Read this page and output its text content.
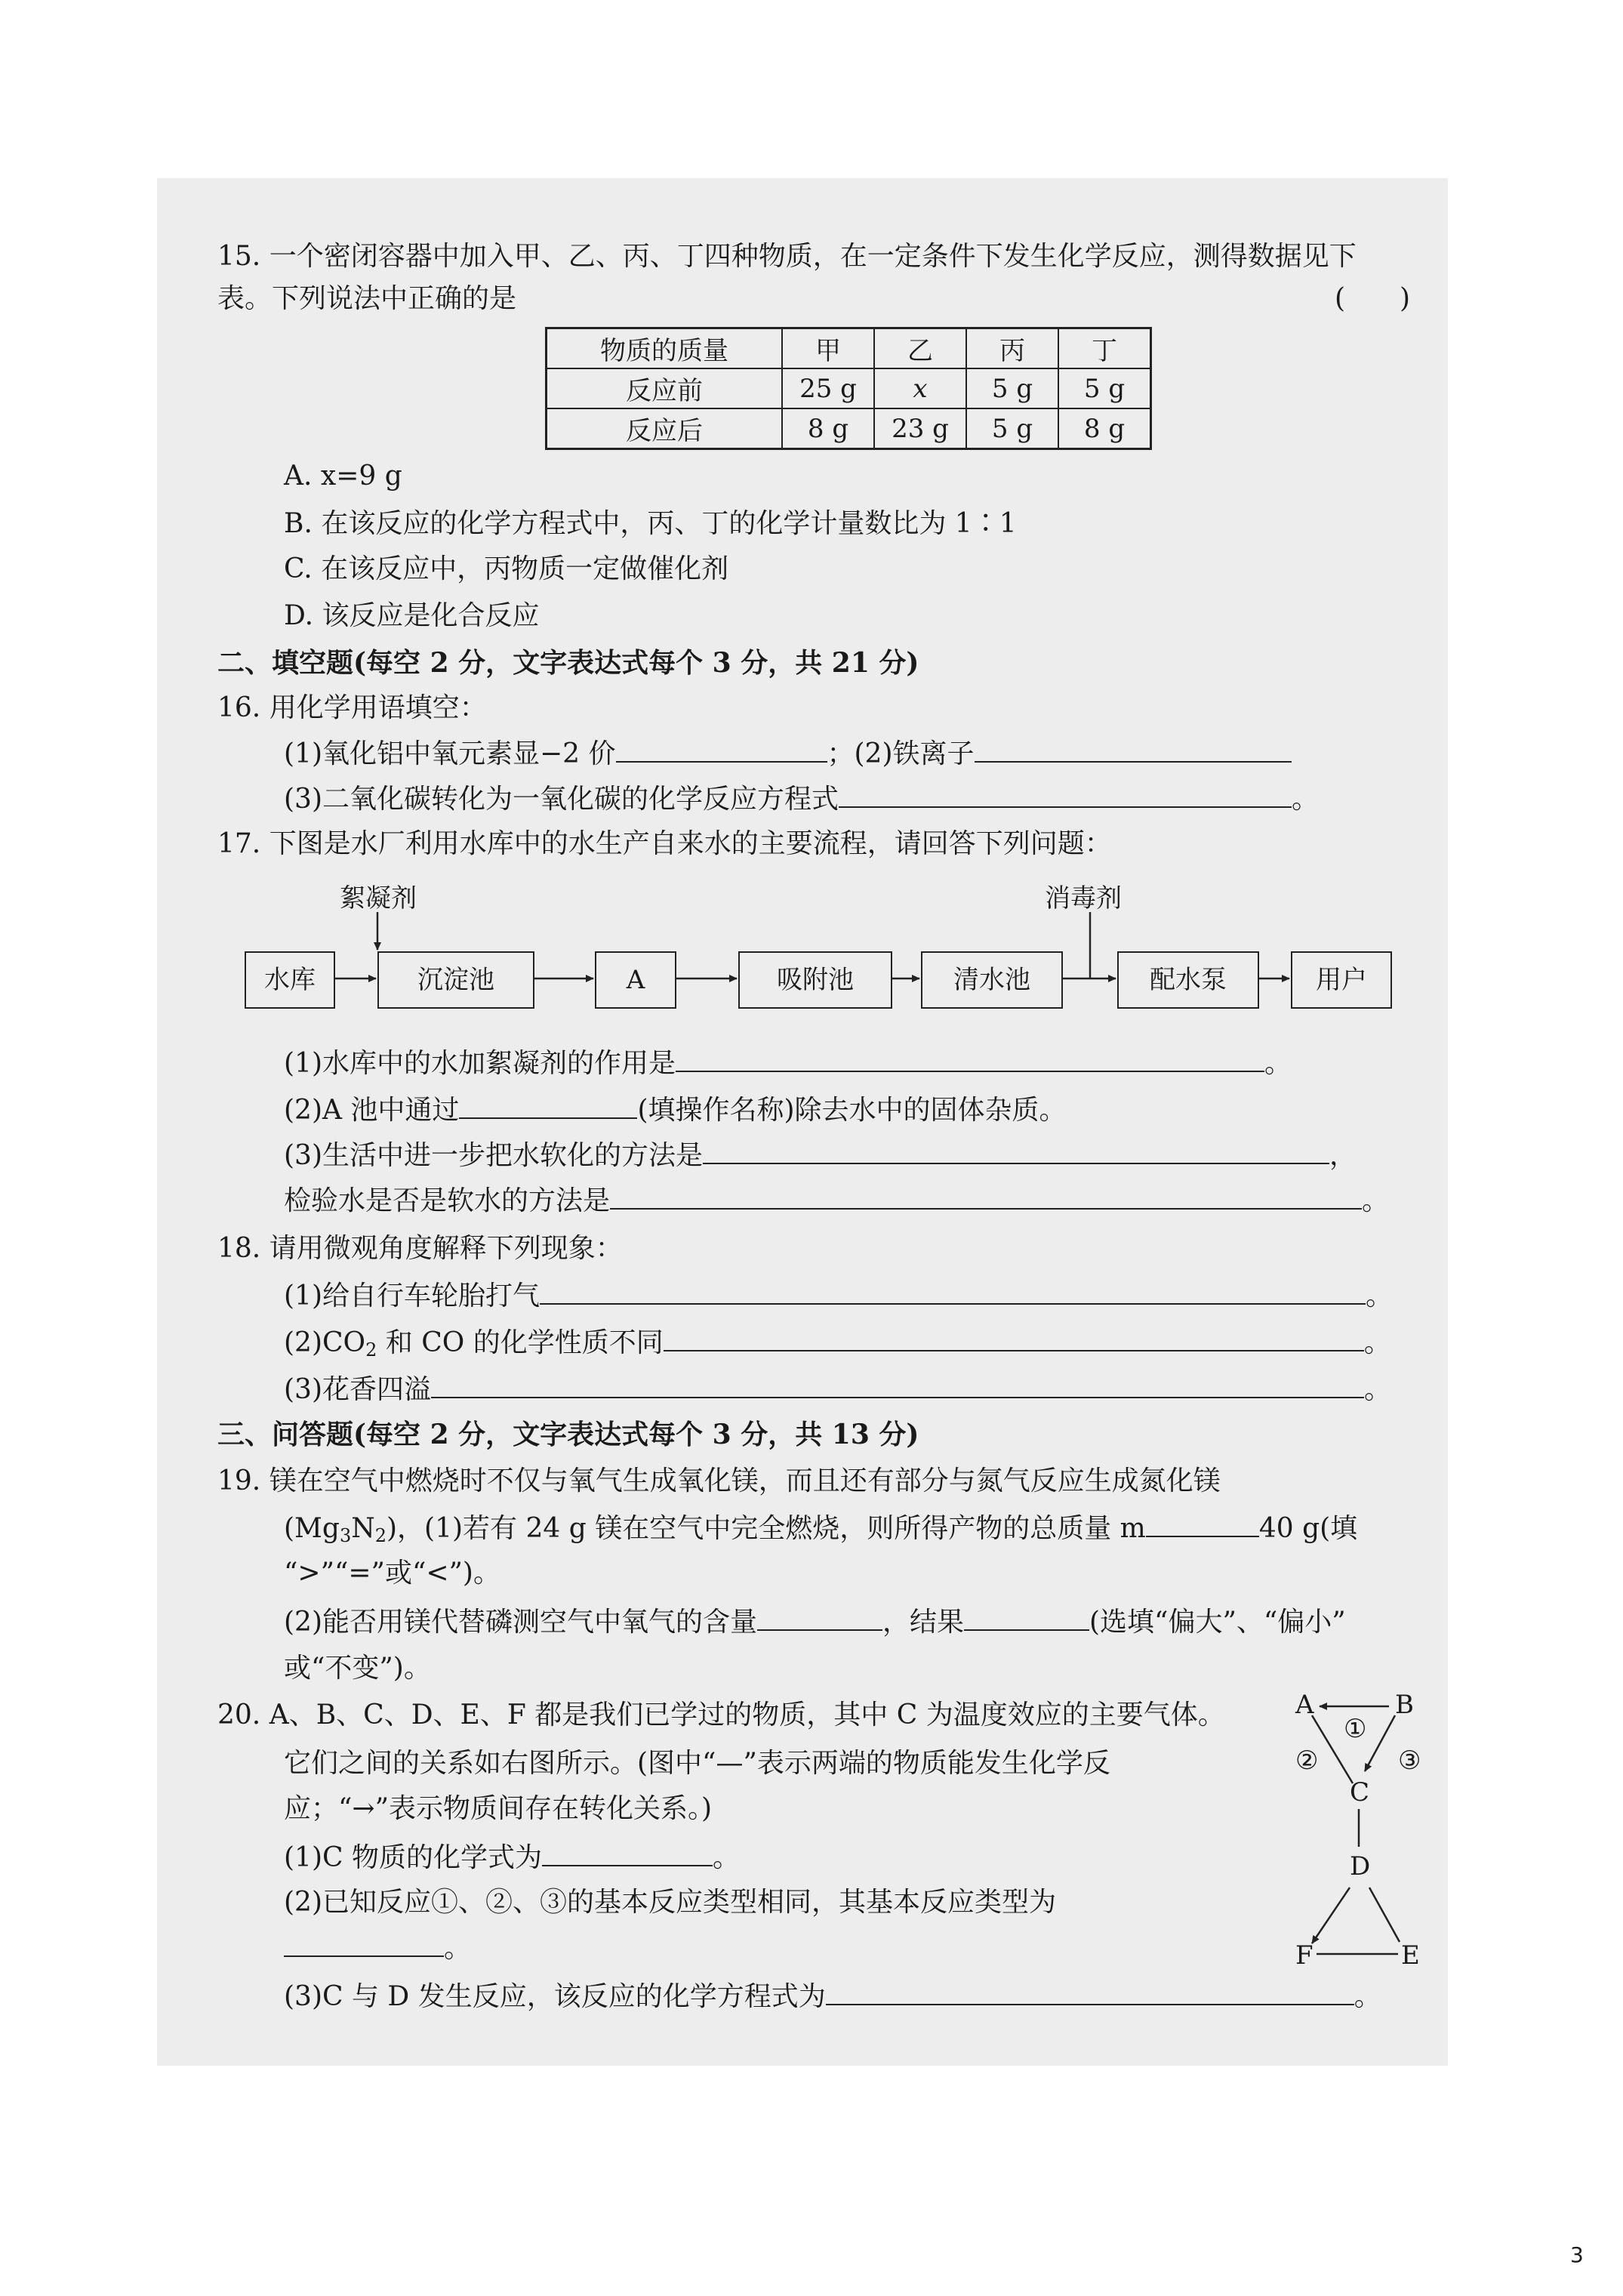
15. 一个密闭容器中加入甲、乙、丙、丁四种物质，在一定条件下发生化学反应，测得数据见下
表。下列说法中正确的是	(　　)
物质的质量	甲	乙	丙	丁
反应前	25 g	x	5 g	5 g
反应后	8 g	23 g	5 g	8 g
A. x=9 g
B. 在该反应的化学方程式中，丙、丁的化学计量数比为 1∶1
C. 在该反应中，丙物质一定做催化剂
D. 该反应是化合反应
二、填空题(每空 2 分，文字表达式每个 3 分，共 21 分)
16. 用化学用语填空：
(1)氧化铝中氧元素显−2 价	；(2)铁离子
(3)二氧化碳转化为一氧化碳的化学反应方程式	。
17. 下图是水厂利用水库中的水生产自来水的主要流程，请回答下列问题：
絮凝剂	消毒剂
水库	沉淀池	A	吸附池	清水池	配水泵	用户
(1)水库中的水加絮凝剂的作用是	。
(2)A 池中通过	(填操作名称)除去水中的固体杂质。
(3)生活中进一步把水软化的方法是	，
检验水是否是软水的方法是	。
18. 请用微观角度解释下列现象：
(1)给自行车轮胎打气	。
$(2)CO_2$ 和 CO 的化学性质不同	。
(3)花香四溢	。
三、问答题(每空 2 分，文字表达式每个 3 分，共 13 分)
19. 镁在空气中燃烧时不仅与氧气生成氧化镁，而且还有部分与氮气反应生成氮化镁
$(Mg_3N_2)$，(1)若有 24 g 镁在空气中完全燃烧，则所得产物的总质量 m	40 g(填
“>”“=”或“<”)。
(2)能否用镁代替磷测空气中氧气的含量	，结果	(选填“偏大”、“偏小”
或“不变”)。
20. A、B、C、D、E、F 都是我们已学过的物质，其中 C 为温度效应的主要气体。
它们之间的关系如右图所示。(图中“—”表示两端的物质能发生化学反
应；“→”表示物质间存在转化关系。)
(1)C 物质的化学式为	。
(2)已知反应①、②、③的基本反应类型相同，其基本反应类型为
。
(3)C 与 D 发生反应，该反应的化学方程式为	。
A	B
C
D
E
F
①
②	③
3
